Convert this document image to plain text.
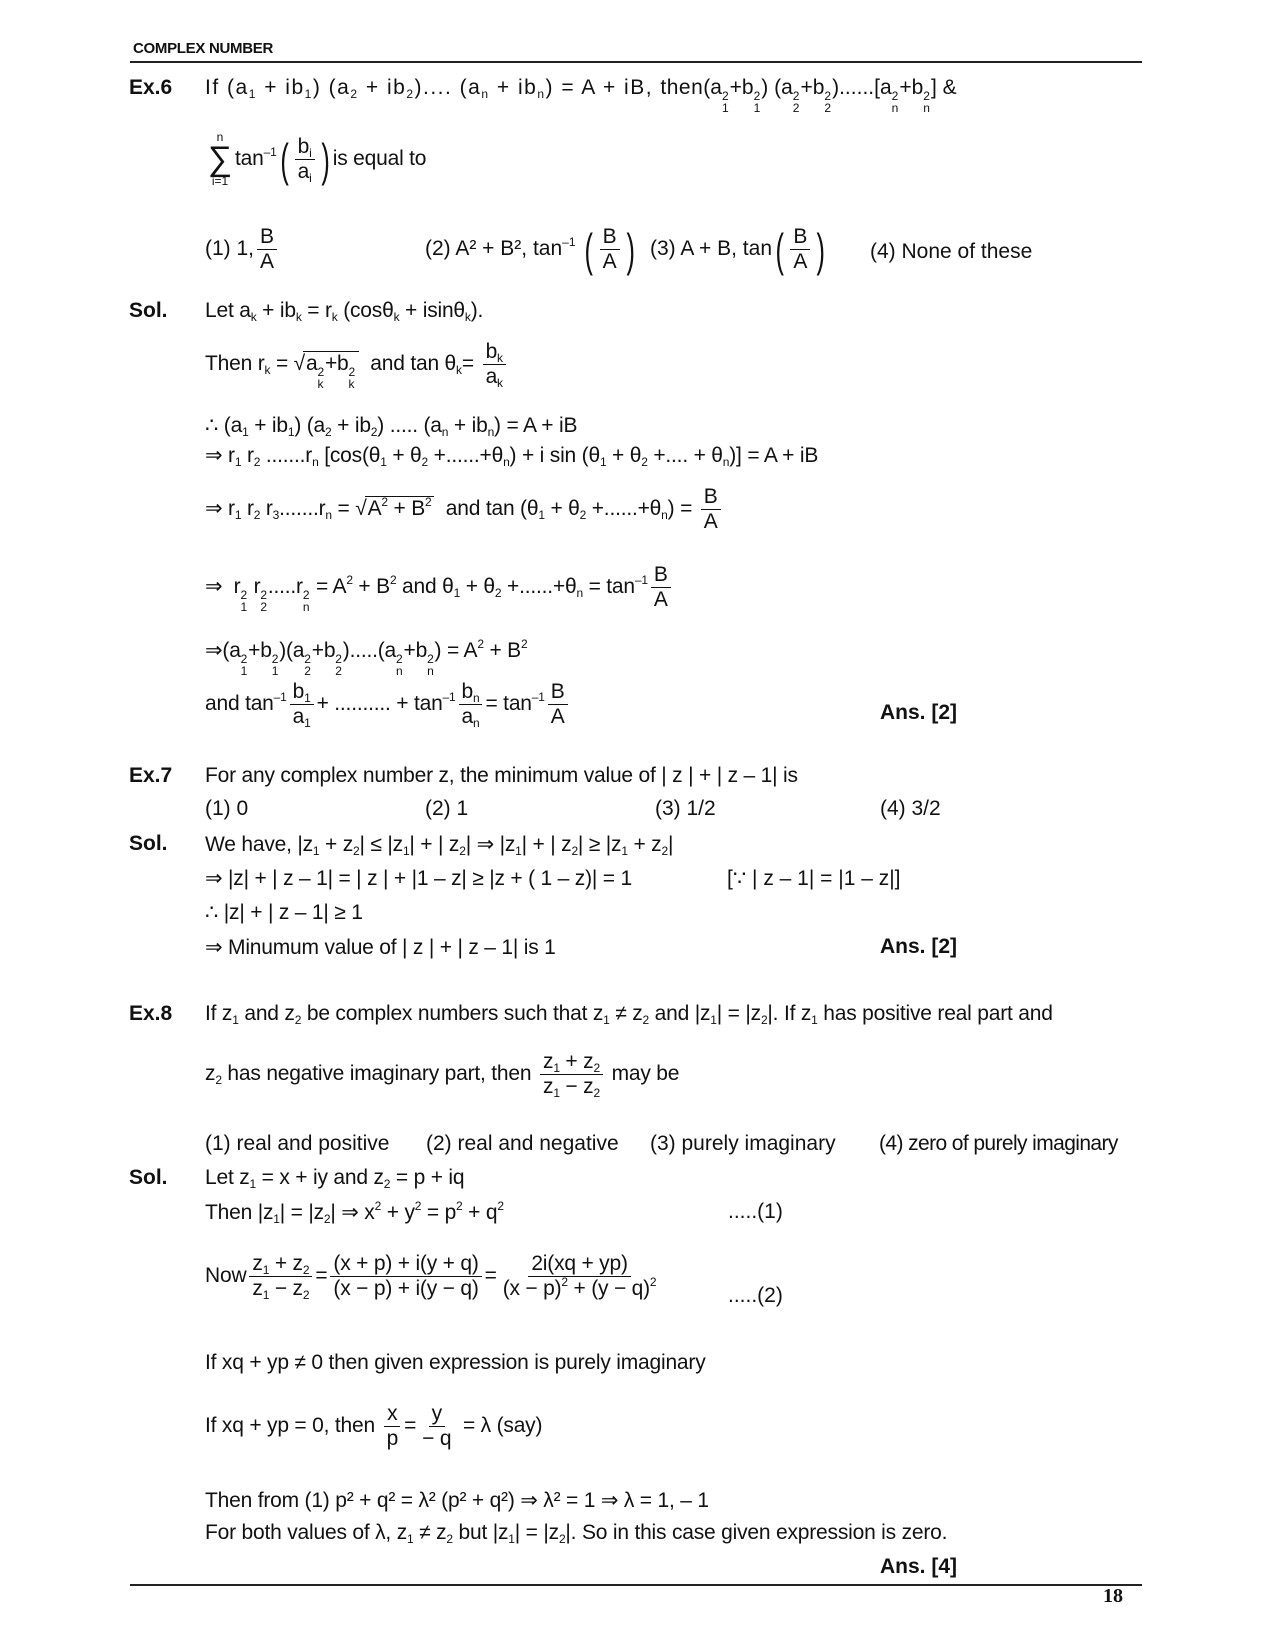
COMPLEX NUMBER
Ex.6 If $(a_1 + ib_1) (a_2 + ib_2)$.... $(a_n + ib_n) = A$ + iB, then(a 2
1
+b 2
1
) (a 2
2
+b 2
2
)......[a 2
n
+b 2
n
] &
n
∑
i=1
$\tan^{-1}( \frac{b_i}{a_i}$ ) is equal to
(1) 1, $\frac{B}{A}$	(2) A² + B², $\tan^{-1}$ ( $\frac{B}{A}$ ) (3) A + B, $\tan( \frac{B}{A}$ ) (4) None of these
Sol. Let $a_k + ib_k = r_k$ (cosθ$_k$ + isinθ$_k$).
Then $r_k = √a$ 2
k
+b 2
k
and $\tan \theta_k= \frac{b_k}{a_k}$
∴ $(a_1 + ib_1) (a_2 + ib_2)$ ..... $(a_n + ib_n) = A$ + iB
⇒ $r_1$ $r_2$ $.......r_n$ [$\cos(\theta_1 + \theta_2 +......+\theta_n) + i$ $\sin (\theta_1 + \theta_2$ +.... + $\theta_n)] = A$ + iB
⇒ $r_1$ $r_2$ $r_3.......r_n = √A^2 + B^2$  and $\tan (\theta_1 + \theta_2 +......+\theta_n) = \frac{B}{A}$
⇒  r 2
1
r 2
2
.....r 2
n
= $A^2 + B^2$ and $\theta_1 + \theta_2 +......+\theta_n = \tan^{-1} \frac{B}{A}$
⇒(a 2
1
+b 2
1
)(a 2
2
+b 2
2
).....(a 2
n
+b 2
n
) = $A^2 + B^2$
and $\tan^{-1} \frac{b_1}{a_1}$ + .......... + $\tan^{-1} \frac{b_n}{a_n} = \tan^{-1} \frac{B}{A}$	Ans. [2]
Ex.7 For any complex number z, the minimum value of | z | + | z – 1| is
(1) 0	(2) 1	(3) 1/2	(4) 3/2
Sol. We have, $|z_1 + z_2| \le |z_1|$ + | $z_2|$ ⇒ $|z_1|$ + | $z_2| \ge |z_1 + z_2|$
⇒ |z| + | z – 1| = | z | + |1 – z| ≥ |z + ( 1 – z)| = 1	[∵ | z – 1| = |1 – z|]
∴ |z| + | z – 1| ≥ 1
⇒ Minumum value of | z | + | z – 1| is 1	Ans. [2]
Ex.8 If $z_1$ and $z_2$ be complex numbers such that $z_1 \ne z_2$ and $|z_1| = |z_2|$. If $z_1$ has positive real part and
$z_2$ has negative imaginary part, then $\frac{z_1 + z_2}{z_1 - z_2}$ may be
(1) real and positive (2) real and negative (3) purely imaginary (4) zero of purely imaginary
Sol. Let $z_1 = x$ + iy and $z_2 = p$ + iq
Then $|z_1| = |z_2|$ ⇒ $x^2 + y^2 = p^2 + q^2$	.....(1)
Now $\frac{z_1 + z_2}{z_1 - z_2} = \frac{(x + p) + i(y + q)}{(x - p) + i(y - q)} = \frac{2i(xq + yp)}{(x - p)^2 + (y - q)^2}$	.....(2)
If xq + yp ≠ 0 then given expression is purely imaginary
If xq + yp = 0, then $\frac{x}{p} = \frac{y}{- q} = \lambda$ (say)
Then from (1) p² + q² = λ² (p² + q²) ⇒ λ² = 1 ⇒ λ = 1, – 1
For both values of λ, $z_1 \ne z_2$ but $|z_1| = |z_2|$. So in this case given expression is zero.
Ans. [4]
18
